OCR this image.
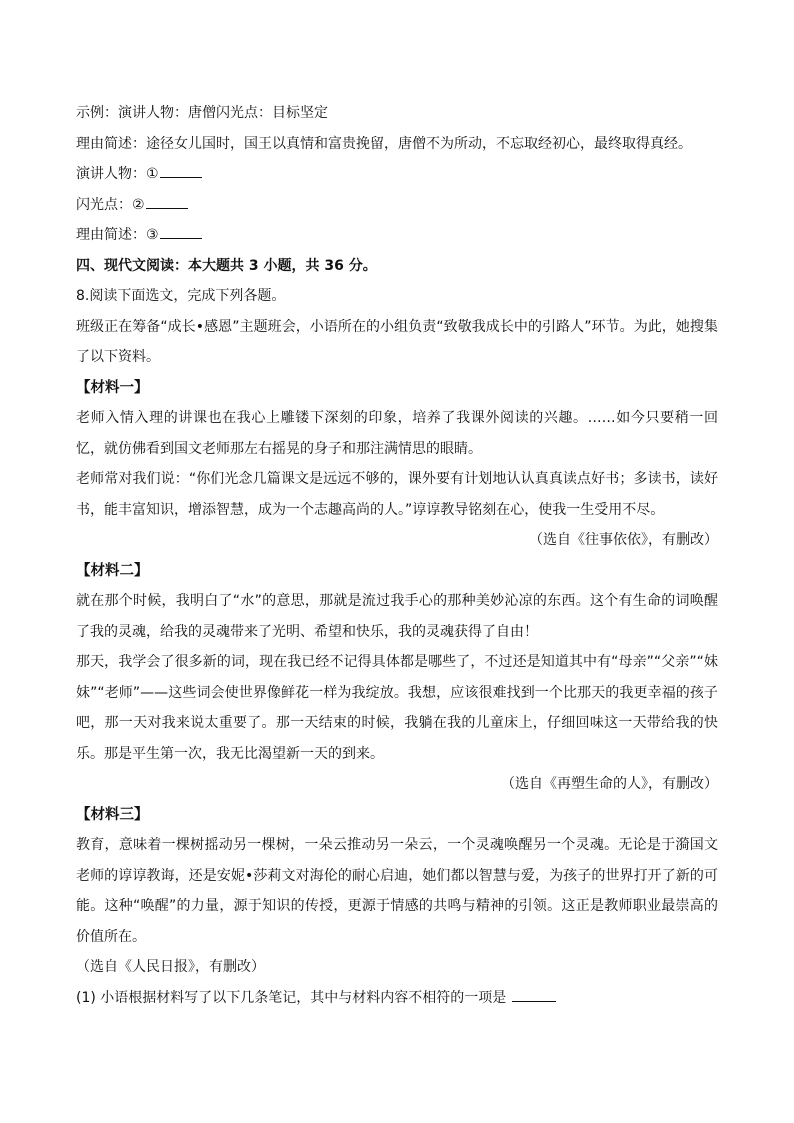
示例：演讲人物：唐僧闪光点：目标坚定
理由简述：途径女儿国时，国王以真情和富贵挽留，唐僧不为所动，不忘取经初心，最终取得真经。
演讲人物：①
闪光点：②
理由简述：③
四、现代文阅读：本大题共 3 小题，共 36 分。
8.阅读下面选文，完成下列各题。
班级正在筹备“成长•感恩”主题班会，小语所在的小组负责“致敬我成长中的引路人”环节。为此，她搜集了以下资料。
【材料一】
老师入情入理的讲课也在我心上雕镂下深刻的印象，培养了我课外阅读的兴趣。……如今只要稍一回忆，就仿佛看到国文老师那左右摇晃的身子和那注满情思的眼睛。
老师常对我们说：“你们光念几篇课文是远远不够的，课外要有计划地认认真真读点好书；多读书，读好书，能丰富知识，增添智慧，成为一个志趣高尚的人。”谆谆教导铭刻在心，使我一生受用不尽。
（选自《往事依依》，有删改）
【材料二】
就在那个时候，我明白了“水”的意思，那就是流过我手心的那种美妙沁凉的东西。这个有生命的词唤醒了我的灵魂，给我的灵魂带来了光明、希望和快乐，我的灵魂获得了自由！
那天，我学会了很多新的词，现在我已经不记得具体都是哪些了，不过还是知道其中有“母亲”“父亲”“妹妹”“老师”——这些词会使世界像鲜花一样为我绽放。我想，应该很难找到一个比那天的我更幸福的孩子吧，那一天对我来说太重要了。那一天结束的时候，我躺在我的儿童床上，仔细回味这一天带给我的快乐。那是平生第一次，我无比渴望新一天的到来。
（选自《再塑生命的人》，有删改）
【材料三】
教育，意味着一棵树摇动另一棵树，一朵云推动另一朵云，一个灵魂唤醒另一个灵魂。无论是于漪国文老师的谆谆教诲，还是安妮•莎莉文对海伦的耐心启迪，她们都以智慧与爱，为孩子的世界打开了新的可能。这种“唤醒”的力量，源于知识的传授，更源于情感的共鸣与精神的引领。这正是教师职业最崇高的价值所在。
（选自《人民日报》，有删改）
(1) 小语根据材料写了以下几条笔记，其中与材料内容不相符的一项是
